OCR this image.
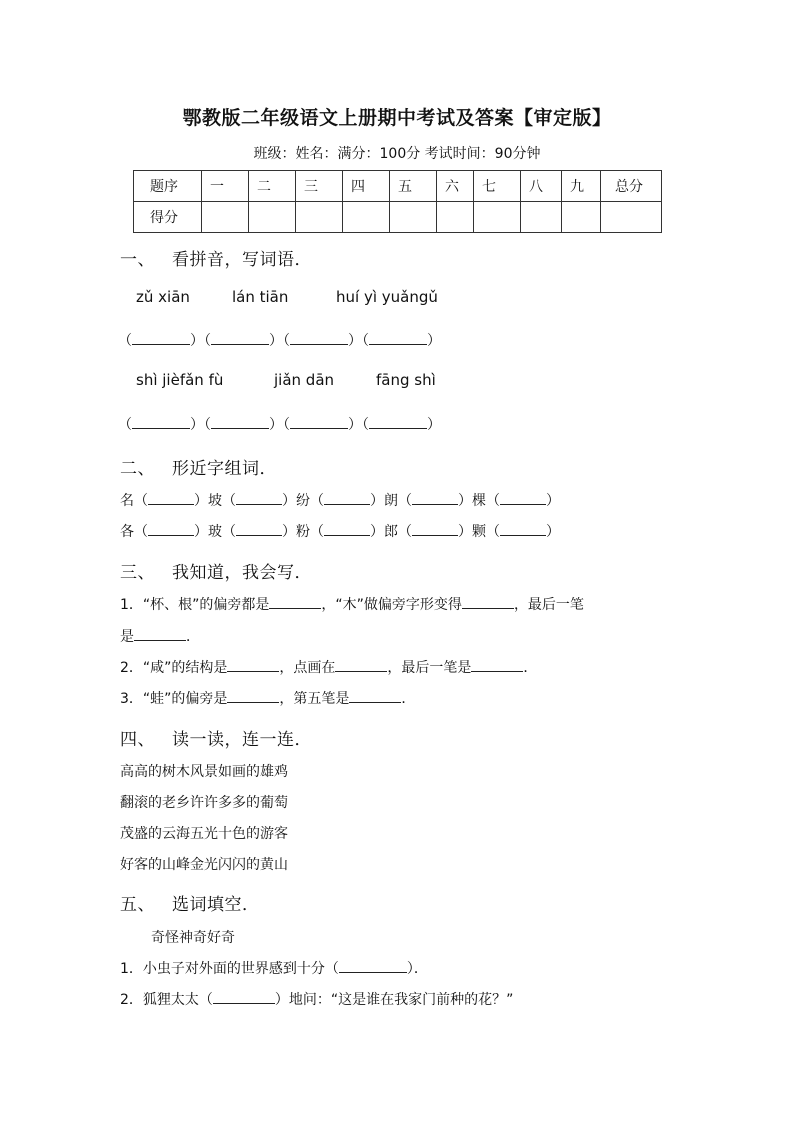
鄂教版二年级语文上册期中考试及答案【审定版】
班级：姓名：满分：100分 考试时间：90分钟
题序	一	二	三	四	五	六	七	八	九	总分
得分										
一、 看拼音，写词语．
zǔ xiān	lán tiān	huí yì yuǎngǔ
（	）（	）（	）（	）
shì jièfǎn fù	jiǎn dān	fāng shì
（	）（	）（	）（	）
二、 形近字组词．
名（	）坡（	）纷（	）朗（	）棵（	）
各（	）玻（	）粉（	）郎（	）颗（	）
三、 我知道，我会写．
1．“杯、根”的偏旁都是	，“木”做偏旁字形变得	，最后一笔
是	．
2．“咸”的结构是	，点画在	，最后一笔是	．
3．“蛙”的偏旁是	，第五笔是	．
四、 读一读，连一连．
高高的树木风景如画的雄鸡
翻滚的老乡许许多多的葡萄
茂盛的云海五光十色的游客
好客的山峰金光闪闪的黄山
五、 选词填空．
奇怪神奇好奇
1．小虫子对外面的世界感到十分（	）．
2．狐狸太太（	）地问：“这是谁在我家门前种的花？”
